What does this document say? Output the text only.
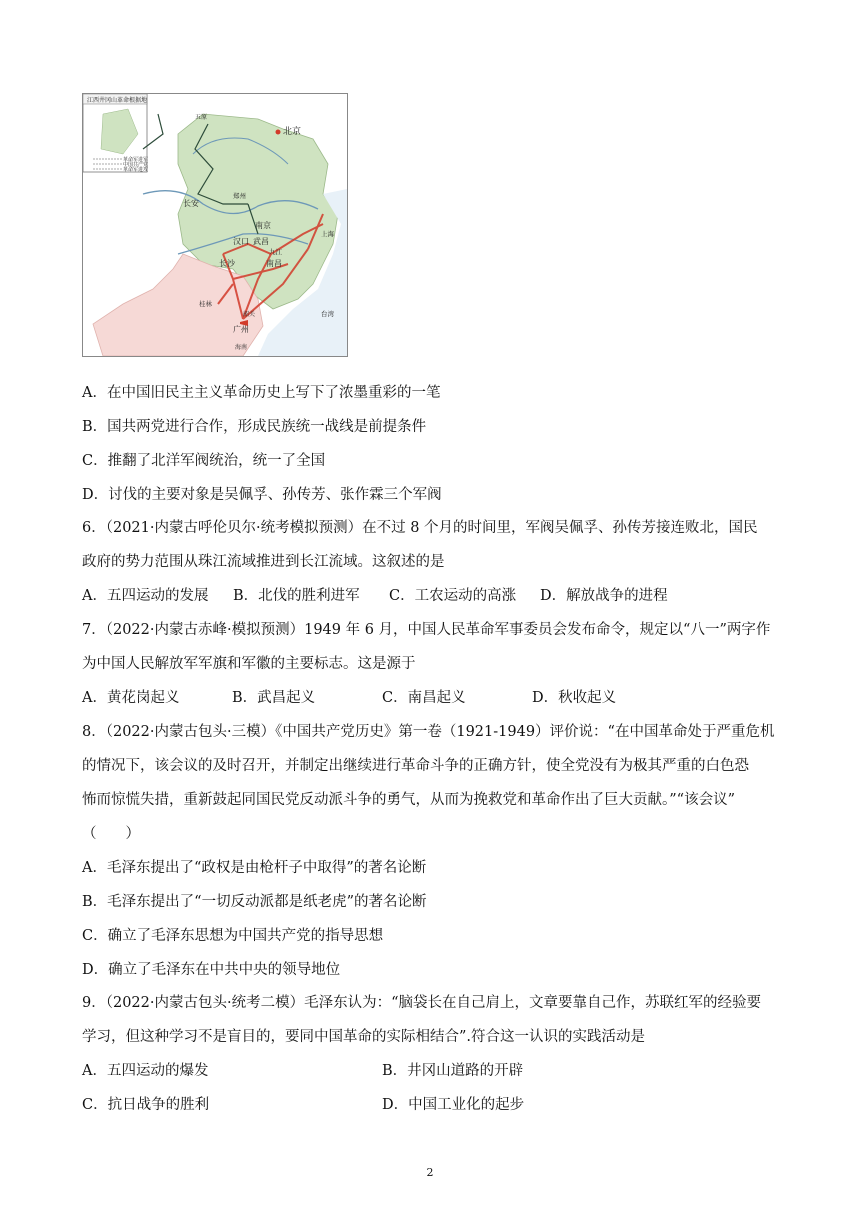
江西井冈山革命根据地
北京
五原
长安
郑州
南京
上海
汉口 武昌
九江
南昌
长沙
桂林
广州
韶关	台湾
海南
革命军进军
中国共产党
革命军进攻
A．在中国旧民主主义革命历史上写下了浓墨重彩的一笔
B．国共两党进行合作，形成民族统一战线是前提条件
C．推翻了北洋军阀统治，统一了全国
D．讨伐的主要对象是吴佩孚、孙传芳、张作霖三个军阀
6．（2021·内蒙古呼伦贝尔·统考模拟预测）在不过 8 个月的时间里，军阀吴佩孚、孙传芳接连败北，国民
政府的势力范围从珠江流域推进到长江流域。这叙述的是
A．五四运动的发展 B．北伐的胜利进军 C．工农运动的高涨 D．解放战争的进程
7．（2022·内蒙古赤峰·模拟预测）1949 年 6 月，中国人民革命军事委员会发布命令，规定以“八一”两字作
为中国人民解放军军旗和军徽的主要标志。这是源于
A．黄花岗起义	B．武昌起义	C．南昌起义	D．秋收起义
8．（2022·内蒙古包头·三模）《中国共产党历史》第一卷（1921-1949）评价说：“在中国革命处于严重危机
的情况下，该会议的及时召开，并制定出继续进行革命斗争的正确方针，使全党没有为极其严重的白色恐
怖而惊慌失措，重新鼓起同国民党反动派斗争的勇气，从而为挽救党和革命作出了巨大贡献。”“该会议”
（　　）
A．毛泽东提出了“政权是由枪杆子中取得”的著名论断
B．毛泽东提出了“一切反动派都是纸老虎”的著名论断
C．确立了毛泽东思想为中国共产党的指导思想
D．确立了毛泽东在中共中央的领导地位
9．（2022·内蒙古包头·统考二模）毛泽东认为：“脑袋长在自己肩上，文章要靠自己作，苏联红军的经验要
学习，但这种学习不是盲目的，要同中国革命的实际相结合”.符合这一认识的实践活动是
A．五四运动的爆发	B．井冈山道路的开辟
C．抗日战争的胜利	D．中国工业化的起步
2
